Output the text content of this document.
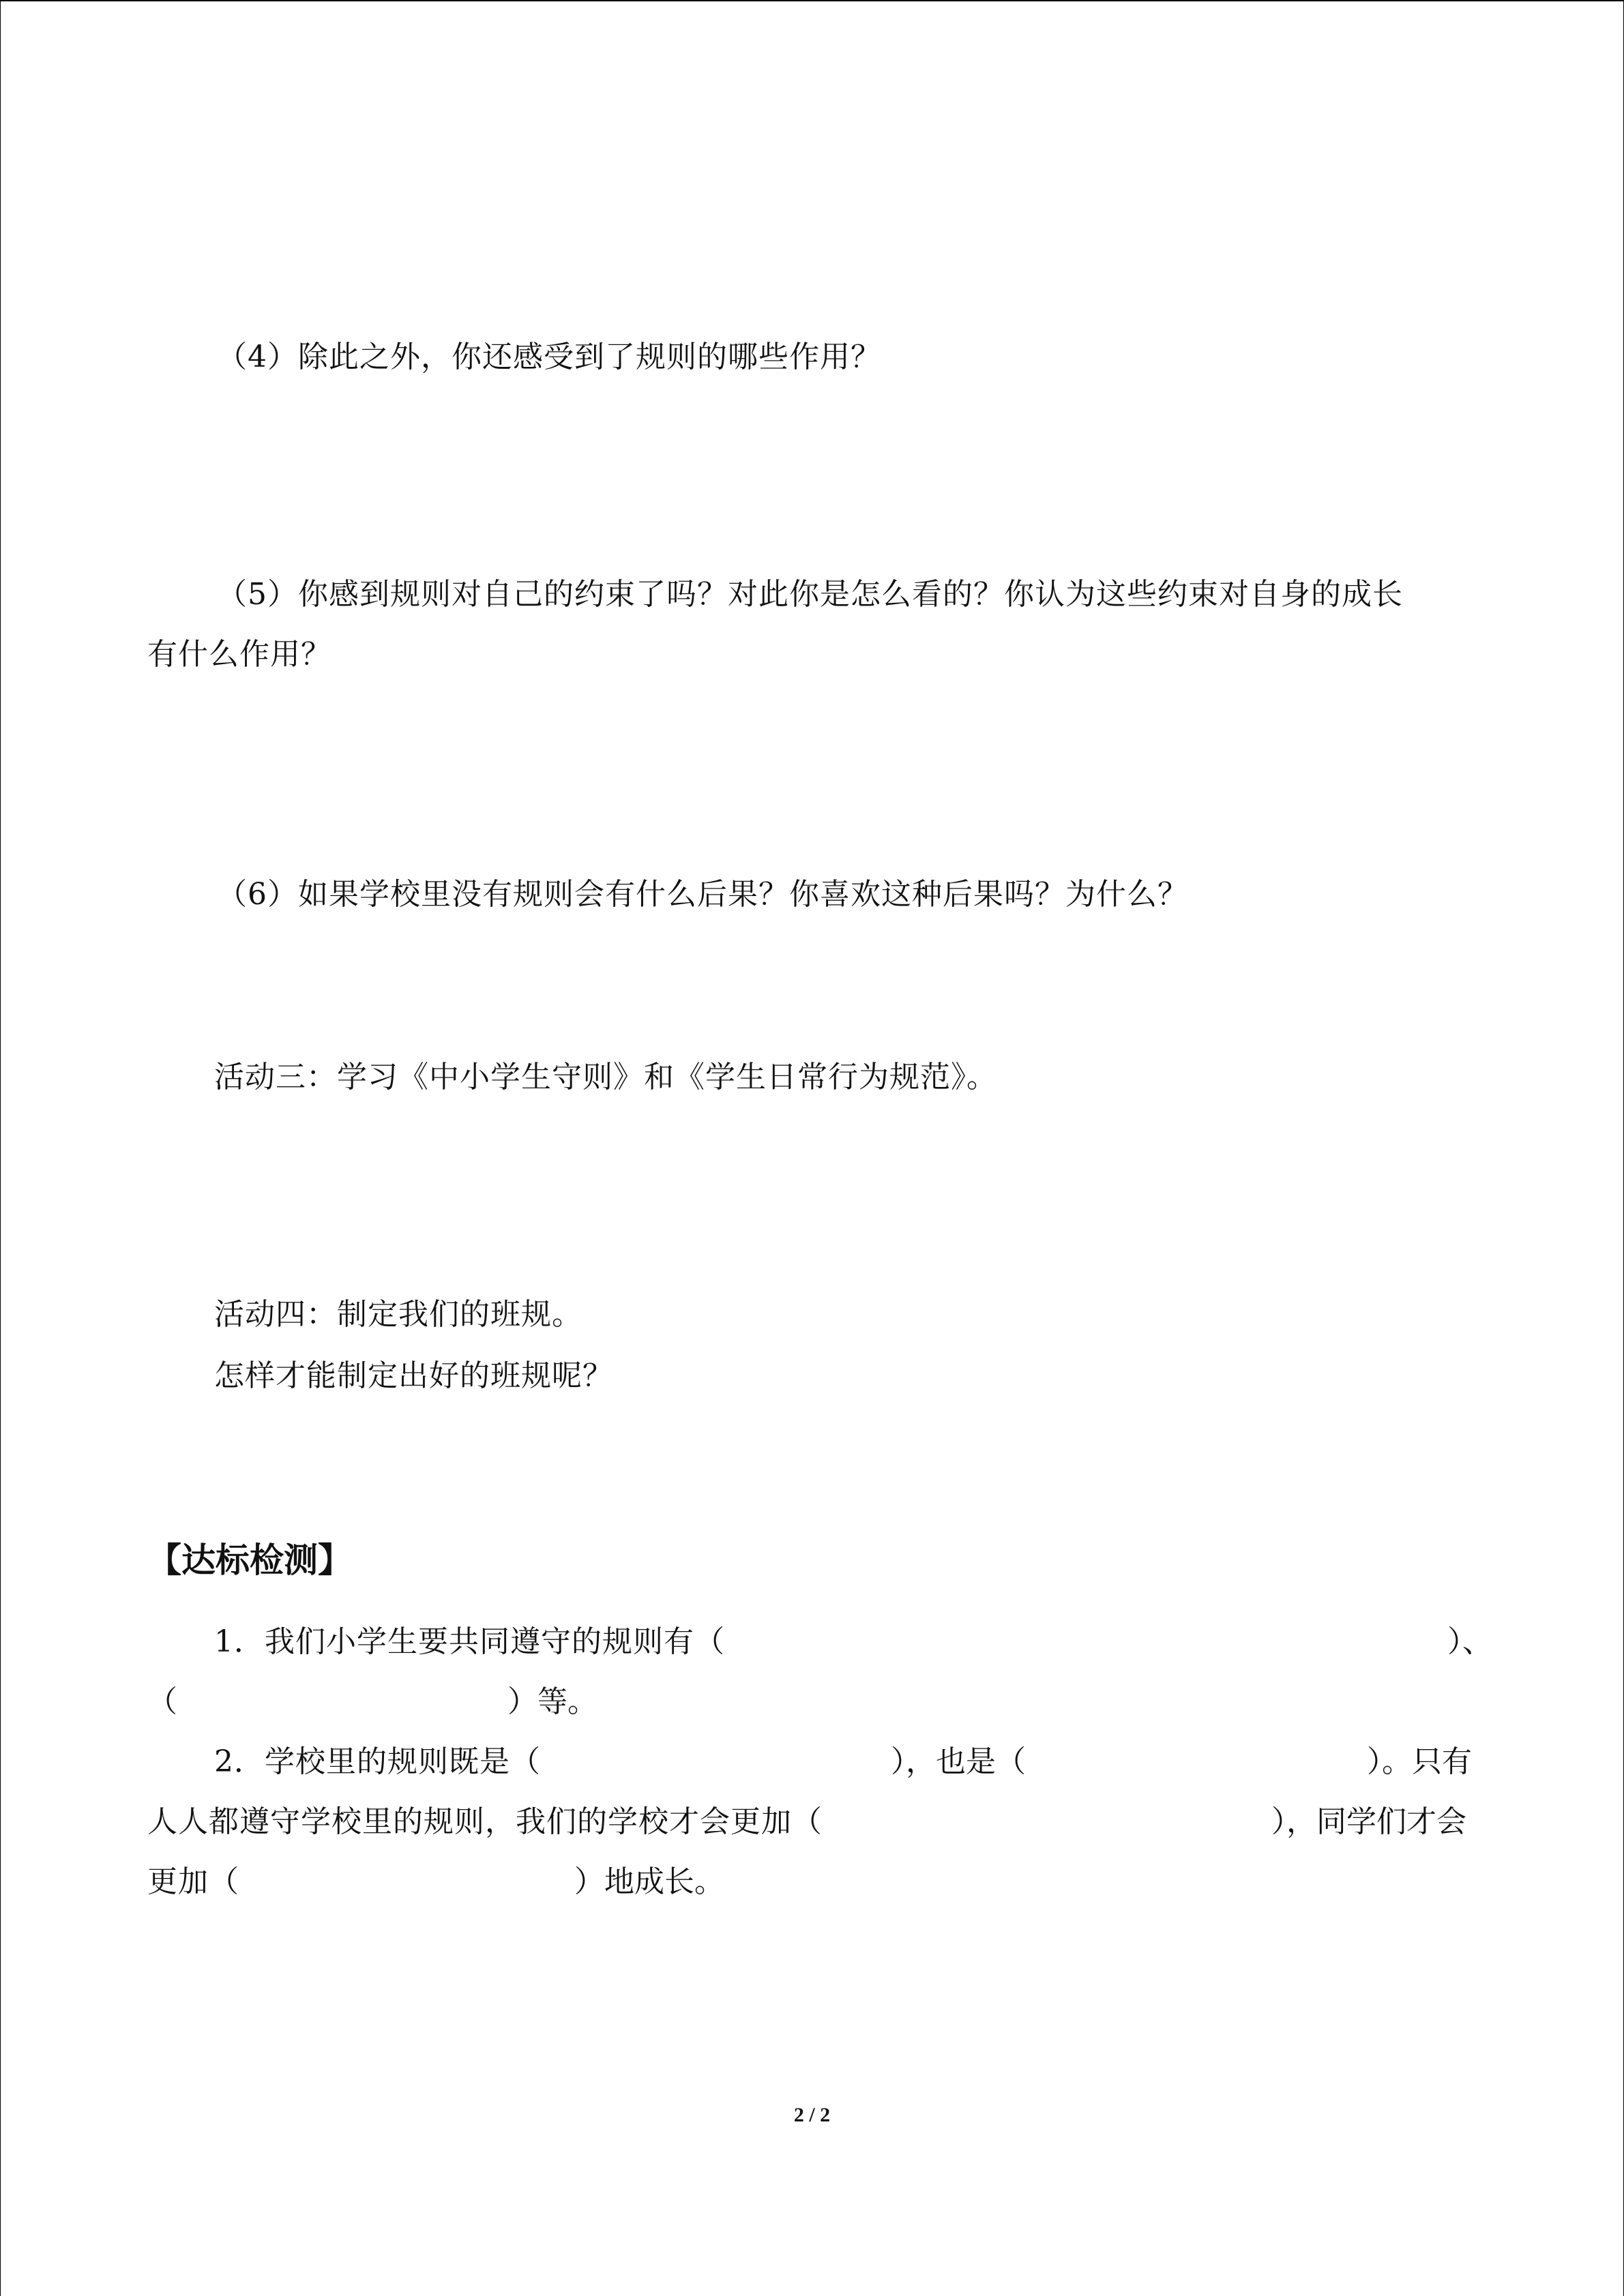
（4）除此之外，你还感受到了规则的哪些作用？
（5）你感到规则对自己的约束了吗？对此你是怎么看的？你认为这些约束对自身的成长
有什么作用？
（6）如果学校里没有规则会有什么后果？你喜欢这种后果吗？为什么？
活动三：学习《中小学生守则》和《学生日常行为规范》。
活动四：制定我们的班规。
怎样才能制定出好的班规呢？
【达标检测】
1．我们小学生要共同遵守的规则有（	）、
（	）等。
2．学校里的规则既是（	），也是（	）。只有
人人都遵守学校里的规则，我们的学校才会更加（	），同学们才会
更加（	）地成长。
2 / 2
